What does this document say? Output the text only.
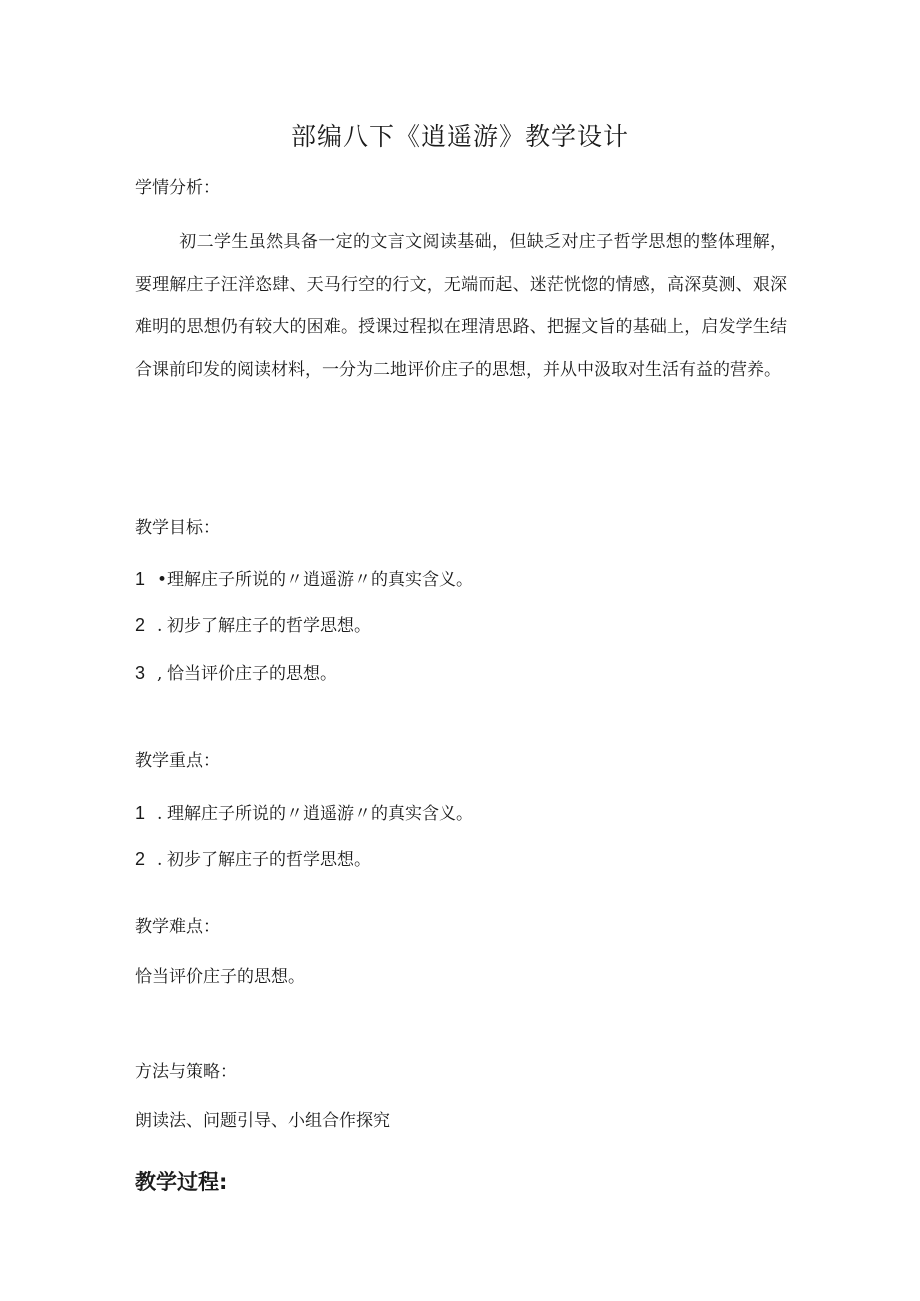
部编八下《逍遥游》教学设计
学情分析：
初二学生虽然具备一定的文言文阅读基础，但缺乏对庄子哲学思想的整体理解，要理解庄子汪洋恣肆、天马行空的行文，无端而起、迷茫恍惚的情感，高深莫测、艰深难明的思想仍有较大的困难。授课过程拟在理清思路、把握文旨的基础上，启发学生结合课前印发的阅读材料，一分为二地评价庄子的思想，并从中汲取对生活有益的营养。
教学目标：
1 •理解庄子所说的〃逍遥游〃的真实含义。
2 . 初步了解庄子的哲学思想。
3 , 恰当评价庄子的思想。
教学重点：
1 . 理解庄子所说的〃逍遥游〃的真实含义。
2 . 初步了解庄子的哲学思想。
教学难点：
恰当评价庄子的思想。
方法与策略：
朗读法、问题引导、小组合作探究
教学过程:
